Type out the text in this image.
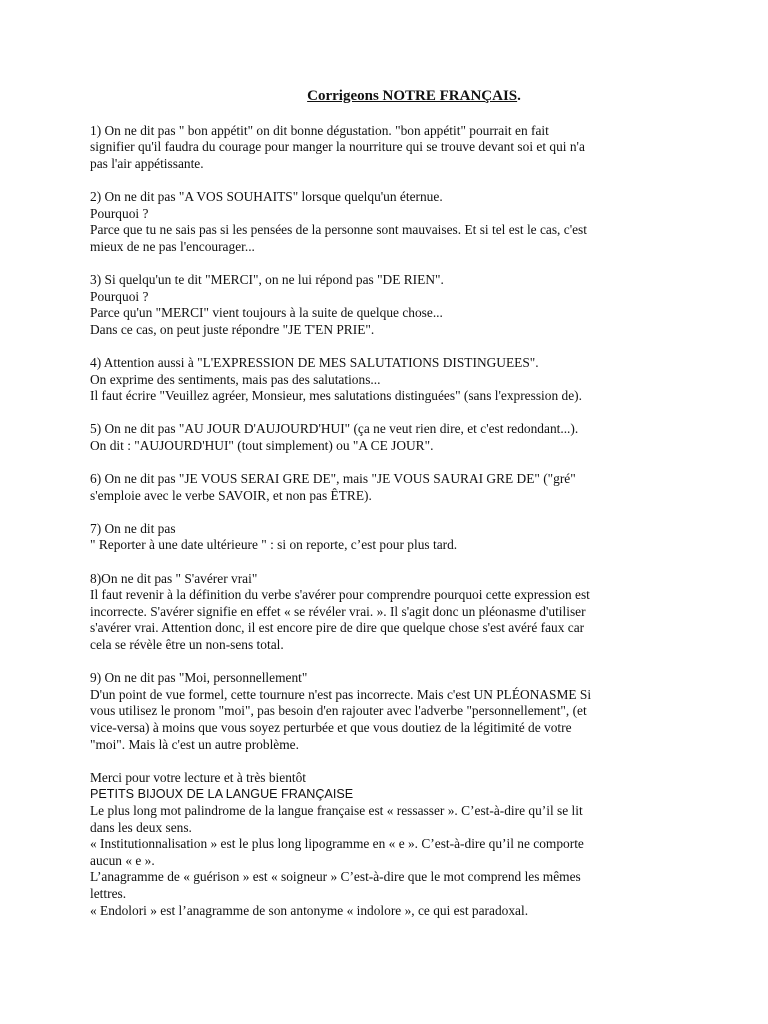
Corrigeons NOTRE FRANÇAIS.
1) On ne dit pas " bon appétit" on dit bonne dégustation. "bon appétit" pourrait en fait
signifier qu'il faudra du courage pour manger la nourriture qui se trouve devant soi et qui n'a
pas l'air appétissante.
2) On ne dit pas "A VOS SOUHAITS" lorsque quelqu'un éternue.
Pourquoi ?
Parce que tu ne sais pas si les pensées de la personne sont mauvaises. Et si tel est le cas, c'est
mieux de ne pas l'encourager...
3) Si quelqu'un te dit "MERCI", on ne lui répond pas "DE RIEN".
Pourquoi ?
Parce qu'un "MERCI" vient toujours à la suite de quelque chose...
Dans ce cas, on peut juste répondre "JE T'EN PRIE".
4) Attention aussi à "L'EXPRESSION DE MES SALUTATIONS DISTINGUEES".
On exprime des sentiments, mais pas des salutations...
Il faut écrire "Veuillez agréer, Monsieur, mes salutations distinguées" (sans l'expression de).
5) On ne dit pas "AU JOUR D'AUJOURD'HUI" (ça ne veut rien dire, et c'est redondant...).
On dit : "AUJOURD'HUI" (tout simplement) ou "A CE JOUR".
6) On ne dit pas "JE VOUS SERAI GRE DE", mais "JE VOUS SAURAI GRE DE" ("gré"
s'emploie avec le verbe SAVOIR, et non pas ÊTRE).
7) On ne dit pas
" Reporter à une date ultérieure " : si on reporte, c’est pour plus tard.
8)On ne dit pas " S'avérer vrai"
Il faut revenir à la définition du verbe s'avérer pour comprendre pourquoi cette expression est
incorrecte. S'avérer signifie en effet « se révéler vrai. ». Il s'agit donc un pléonasme d'utiliser
s'avérer vrai. Attention donc, il est encore pire de dire que quelque chose s'est avéré faux car
cela se révèle être un non-sens total.
9) On ne dit pas "Moi, personnellement"
D'un point de vue formel, cette tournure n'est pas incorrecte. Mais c'est UN PLÉONASME Si
vous utilisez le pronom "moi", pas besoin d'en rajouter avec l'adverbe "personnellement", (et
vice-versa) à moins que vous soyez perturbée et que vous doutiez de la légitimité de votre
"moi". Mais là c'est un autre problème.
Merci pour votre lecture et à très bientôt
PETITS BIJOUX DE LA LANGUE FRANÇAISE
Le plus long mot palindrome de la langue française est « ressasser ». C’est-à-dire qu’il se lit
dans les deux sens.
« Institutionnalisation » est le plus long lipogramme en « e ». C’est-à-dire qu’il ne comporte
aucun « e ».
L’anagramme de « guérison » est « soigneur » C’est-à-dire que le mot comprend les mêmes
lettres.
« Endolori » est l’anagramme de son antonyme « indolore », ce qui est paradoxal.
